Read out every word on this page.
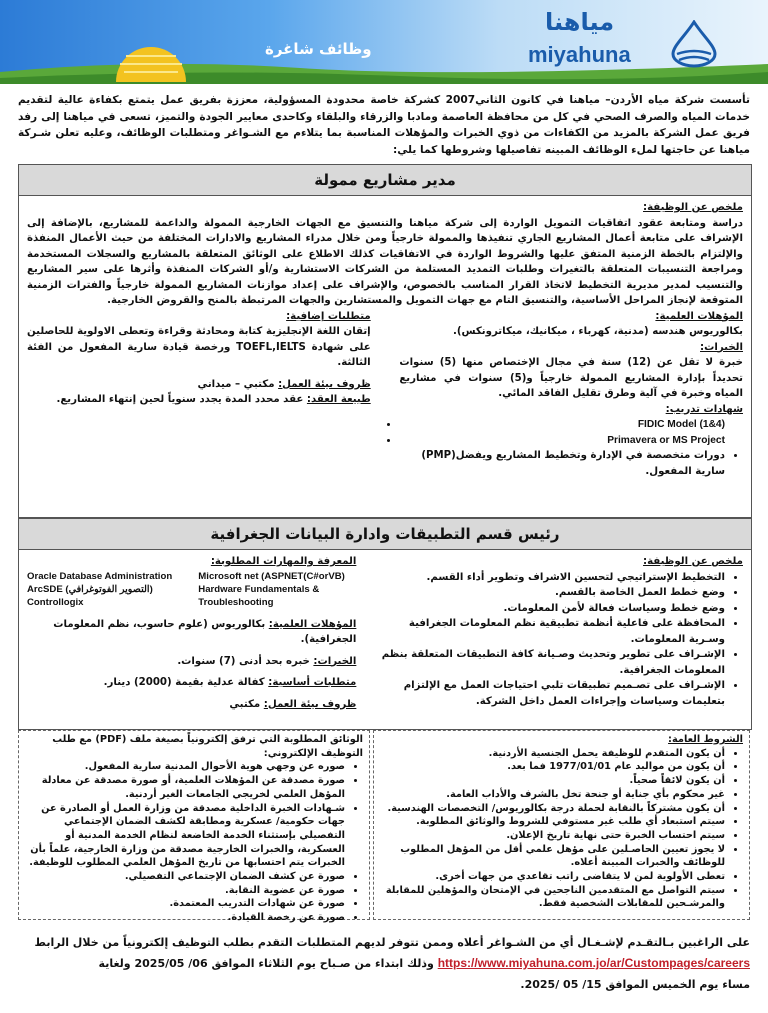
وظائف شاغرة
مياهنا
miyahuna

تأسست شركة مياه الأردن– مياهنا في كانون الثاني2007 كشركة خاصة محدودة المسؤولية، معززة بفريق عمل يتمتع بكفاءة عالية لتقديم خدمات المياه والصرف الصحي في كل من محافظة العاصمة ومادبا والزرقاء والبلقاء وكاحدى معايير الجودة والتميز، تسعى في مياهنا إلى رفد فريق عمل الشركة بالمزيد من الكفاءات من ذوي الخبرات والمؤهلات المناسبة بما يتلاءم مع الشـواغر ومتطلبات الوظائف، وعليه تعلن شـركة مياهنا عن حاجتها لملء الوظائف المبينه تفاصيلها وشروطها كما يلي:

مدير مشاريع ممولة
ملخص عن الوظيفة:

دراسة ومتابعة عقود اتفاقيات التمويل الواردة إلى شركة مياهنا والتنسيق مع الجهات الخارجية الممولة والداعمة للمشاريع، بالإضافة إلى الإشراف على متابعة أعمال المشاريع الجاري تنفيذها والممولة خارجياً ومن خلال مدراء المشاريع والادارات المختلفة من حيث الأعمال المنفذة والإلتزام بالخطة الزمنية المتفق عليها والشروط الواردة في الاتفاقيات كذلك الاطلاع على الوثائق المتعلقة بالمشاريع والسجلات المستخدمة ومراجعة التنسيبات المتعلقة بالتغيرات وطلبات التمديد المستلمة من الشركات الاستشارية و/أو الشركات المنفذة وأثرها على سير المشاريع والتنسيب لمدير مديرية التخطيط لاتخاذ القرار المناسب بالخصوص، والإشراف على إعداد موازنات المشاريع الممولة خارجياً والفترات الزمنية المتوقعة لإنجاز المراحل الأساسية، والتنسيق التام مع جهات التمويل والمستشارين والجهات المرتبطة بالمنح والقروض الخارجية.

المؤهلات العلمية:
بكالوريوس هندسه (مدنية، كهرباء ، ميكانيك، ميكاترونكس).
الخبرات:
خبرة لا تقل عن (12) سنة في مجال الإختصاص منها (5) سنوات تحديداً بإدارة المشاريع الممولة خارجياً و(5) سنوات في مشاريع المياه وخبرة في آلية وطرق تقليل الفاقد المائي.
شهادات تدريب:
• FIDIC Model (1&4)
• Primavera or MS Project
• دورات متخصصة في الإدارة وتخطيط المشاريع ويفضل(PMP) سارية المفعول.
متطلبات إضافية:
إتقان اللغة الإنجليزية كتابة ومحادثة وقراءة وتعطى الاولوية للحاصلين على شهادة TOEFL,IELTS ورخصة قيادة سارية المفعول من الفئة الثالثة.
ظروف بيئة العمل: مكتبي – ميداني
طبيعة العقد: عقد محدد المدة يجدد سنوياً لحين إنتهاء المشاريع.
رئيس قسم التطبيقات وادارة البيانات الجغرافية
ملخص عن الوظيفة:
• التخطيط الإستراتيجي لتحسين الاشراف وتطوير أداء القسم.
• وضع خطط العمل الخاصة بالقسم.
• وضع خطط وسياسات فعالة لأمن المعلومات.
• المحافظة على فاعلية أنظمة تطبيقية نظم المعلومات الجغرافية وسـرية المعلومات.
• الإشـراف على تطوير وتحديث وصـيانة كافة التطبيقات المتعلقة بنظم المعلومات الجغرافية.
• الإشـراف على تصـميم تطبيقات تلبي احتياجات العمل مع الإلتزام بتعليمات وسياسات وإجراءات العمل داخل الشركة.
المعرفة والمهارات المطلوبة:
Microsoft net (ASPNET(C#orVB) Hardware Fundamentals & Troubleshooting
Oracle Database Administration ArcSDE (التصوير الفوتوغرافي) Controllogix
المؤهلات العلمية: بكالوريوس (علوم حاسوب، نظم المعلومات الجغرافية).
الخبرات: خبره بحد أدنى (7) سنوات.
متطلبات أساسية: كفالة عدلية بقيمة (2000) دينار.
ظروف بيئة العمل: مكتبي
الشروط العامة:
• أن يكون المتقدم للوظيفة يحمل الجنسية الأردنية.
• أن يكون من مواليد عام 1977/01/01 فما بعد.
• أن يكون لائقاً صحياً.
• غير محكوم بأي جناية أو جنحة تخل بالشرف والأداب العامة.
• أن يكون مشتركاً بالنقابة لحملة درجة بكالوريوس/ التخصصات الهندسية.
• سيتم استبعاد أي طلب غير مستوفي للشروط والوثائق المطلوبة.
• سيتم احتساب الخبرة حتى نهاية تاريخ الإعلان.
• لا يجوز تعيين الحاصـلين على مؤهل علمي أقل من المؤهل المطلوب للوظائف والخبرات المبينة أعلاه.
• تعطى الأولوية لمن لا يتقاضى راتب تقاعدي من جهات أخرى.
• سيتم التواصل مع المتقدمين الناجحين في الإمتحان والمؤهلين للمقابلة والمرشـحين للمقابلات الشخصية فقط.
الوثائق المطلوبة التي ترفق إلكترونياً بصيغة ملف (PDF) مع طلب التوظيف الإلكتروني:
• صوره عن وجهي هوية الأحوال المدنية سارية المفعول.
• صورة مصدقة عن المؤهلات العلمية، أو صورة مصدقة عن معادلة المؤهل العلمي لخريجي الجامعات الغير أردنية.
• شـهادات الخبرة الداخلية مصدقة من وزارة العمل أو الصادرة عن جهات حكومية/ عسكرية ومطابقة لكشف الضمان الإجتماعي التفصيلي بإستثناء الخدمة الخاضعة لنظام الخدمة المدنية أو العسكرية، والخبرات الخارجية مصدقة من وزارة الخارجية، علماً بأن الخبرات يتم احتسابها من تاريخ المؤهل العلمي المطلوب للوظيفة.
• صورة عن كشف الضمان الإجتماعي التفصيلي.
• صورة عن عضوية النقابة.
• صورة عن شهادات التدريب المعتمدة.
• صورة عن رخصة القيادة.
على الراغبين بـالتقـدم لإشـغـال أي من الشـواغر أعلاه وممن تتوفر لديهم المتطلبات التقدم بطلب التوظيف إلكترونياً من خلال الرابط
https://www.miyahuna.com.jo/ar/Custompages/careers وذلك ابتداء من صـباح يوم الثلاثاء الموافق 06/ 2025/05 ولغاية
مساء يوم الخميس الموافق 15/ 05 /2025.
